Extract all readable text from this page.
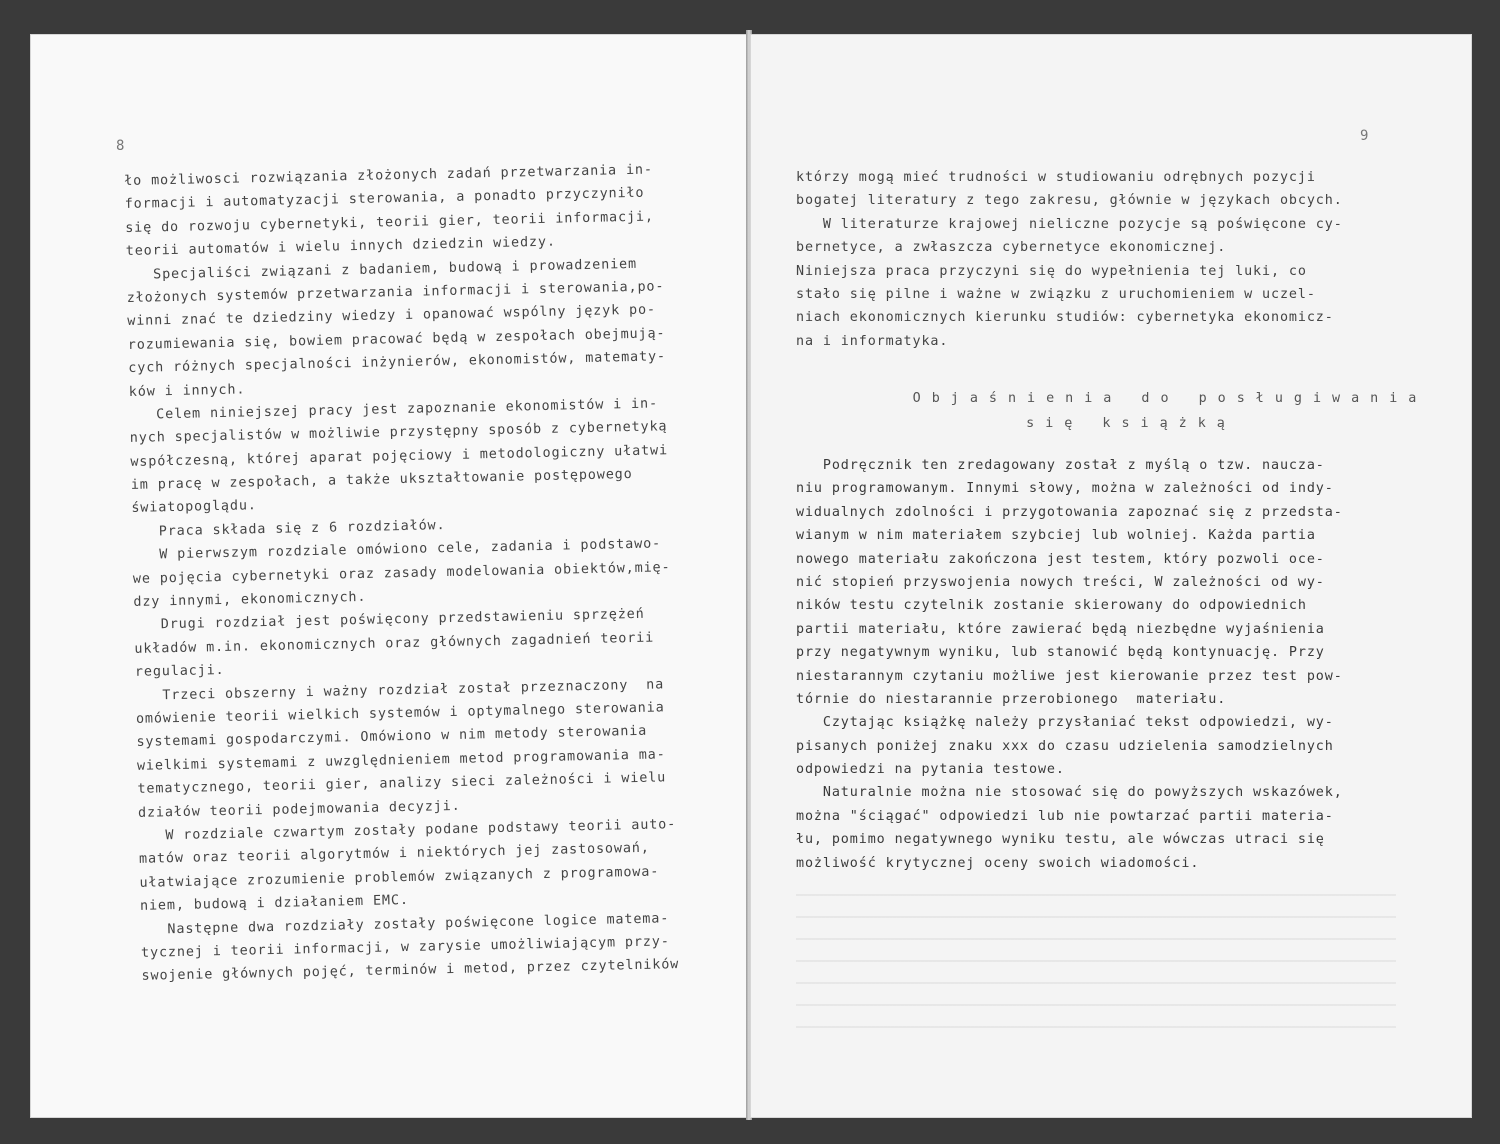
8
ło możliwosci rozwiązania złożonych zadań przetwarzania in-
formacji i automatyzacji sterowania, a ponadto przyczyniło
się do rozwoju cybernetyki, teorii gier, teorii informacji,
teorii automatów i wielu innych dziedzin wiedzy.
Specjaliści związani z badaniem, budową i prowadzeniem
złożonych systemów przetwarzania informacji i sterowania,po-
winni znać te dziedziny wiedzy i opanować wspólny język po-
rozumiewania się, bowiem pracować będą w zespołach obejmują-
cych różnych specjalności inżynierów, ekonomistów, matematy-
ków i innych.
Celem niniejszej pracy jest zapoznanie ekonomistów i in-
nych specjalistów w możliwie przystępny sposób z cybernetyką
współczesną, której aparat pojęciowy i metodologiczny ułatwi
im pracę w zespołach, a także ukształtowanie postępowego
światopoglądu.
Praca składa się z 6 rozdziałów.
W pierwszym rozdziale omówiono cele, zadania i podstawo-
we pojęcia cybernetyki oraz zasady modelowania obiektów,mię-
dzy innymi, ekonomicznych.
Drugi rozdział jest poświęcony przedstawieniu sprzężeń
układów m.in. ekonomicznych oraz głównych zagadnień teorii
regulacji.
Trzeci obszerny i ważny rozdział został przeznaczony  na
omówienie teorii wielkich systemów i optymalnego sterowania
systemami gospodarczymi. Omówiono w nim metody sterowania
wielkimi systemami z uwzględnieniem metod programowania ma-
tematycznego, teorii gier, analizy sieci zależności i wielu
działów teorii podejmowania decyzji.
W rozdziale czwartym zostały podane podstawy teorii auto-
matów oraz teorii algorytmów i niektórych jej zastosowań,
ułatwiające zrozumienie problemów związanych z programowa-
niem, budową i działaniem EMC.
Następne dwa rozdziały zostały poświęcone logice matema-
tycznej i teorii informacji, w zarysie umożliwiającym przy-
swojenie głównych pojęć, terminów i metod, przez czytelników
9
którzy mogą mieć trudności w studiowaniu odrębnych pozycji
bogatej literatury z tego zakresu, głównie w językach obcych.
W literaturze krajowej nieliczne pozycje są poświęcone cy-
bernetyce, a zwłaszcza cybernetyce ekonomicznej.
Niniejsza praca przyczyni się do wypełnienia tej luki, co
stało się pilne i ważne w związku z uruchomieniem w uczel-
niach ekonomicznych kierunku studiów: cybernetyka ekonomicz-
na i informatyka.
Objaśnienia do posługiwania
się książką
Podręcznik ten zredagowany został z myślą o tzw. naucza-
niu programowanym. Innymi słowy, można w zależności od indy-
widualnych zdolności i przygotowania zapoznać się z przedsta-
wianym w nim materiałem szybciej lub wolniej. Każda partia
nowego materiału zakończona jest testem, który pozwoli oce-
nić stopień przyswojenia nowych treści, W zależności od wy-
ników testu czytelnik zostanie skierowany do odpowiednich
partii materiału, które zawierać będą niezbędne wyjaśnienia
przy negatywnym wyniku, lub stanowić będą kontynuację. Przy
niestarannym czytaniu możliwe jest kierowanie przez test pow-
tórnie do niestarannie przerobionego  materiału.
Czytając książkę należy przysłaniać tekst odpowiedzi, wy-
pisanych poniżej znaku xxx do czasu udzielenia samodzielnych
odpowiedzi na pytania testowe.
Naturalnie można nie stosować się do powyższych wskazówek,
można "ściągać" odpowiedzi lub nie powtarzać partii materia-
łu, pomimo negatywnego wyniku testu, ale wówczas utraci się
możliwość krytycznej oceny swoich wiadomości.
